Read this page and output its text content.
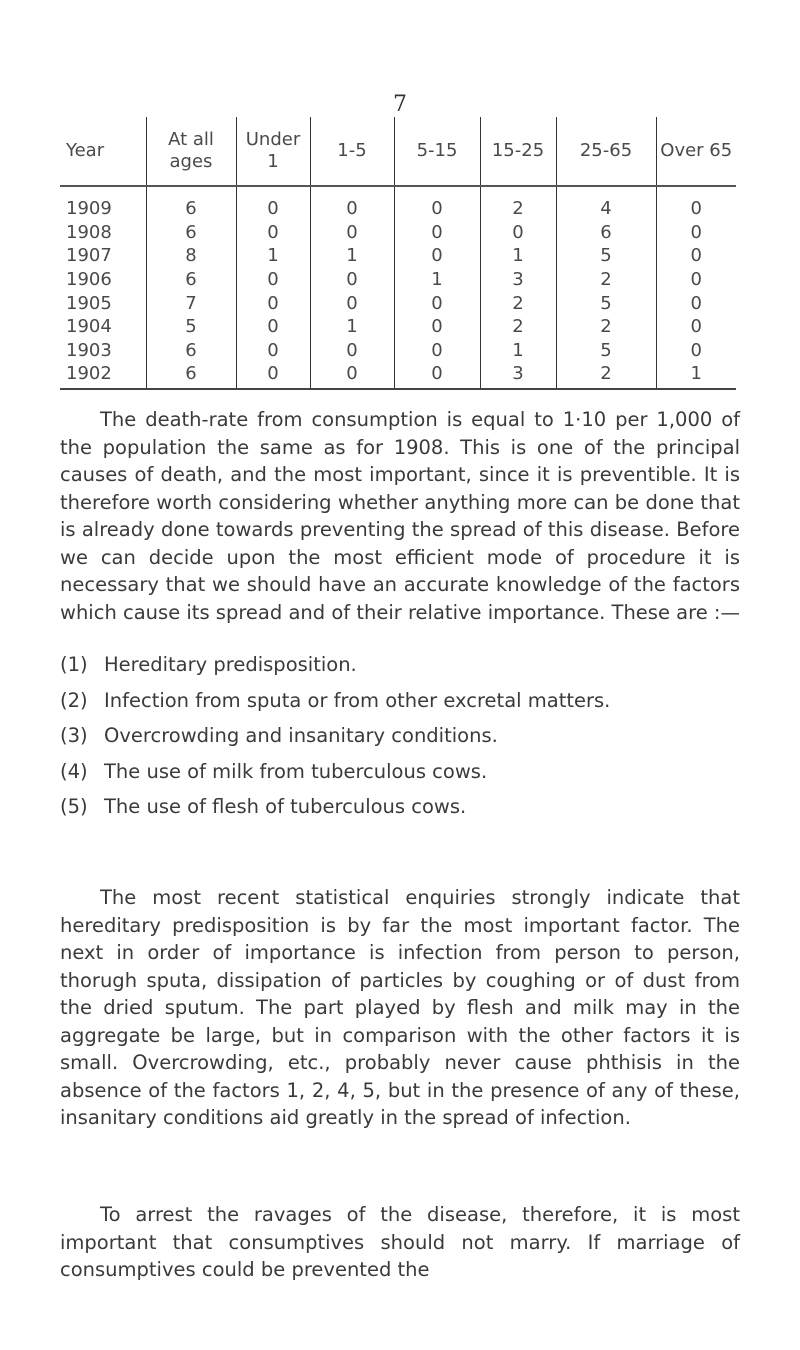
7
Year	At all ages	Under 1	1-5	5-15	15-25	25-65	Over 65
1909	6	0	0	0	2	4	0
1908	6	0	0	0	0	6	0
1907	8	1	1	0	1	5	0
1906	6	0	0	1	3	2	0
1905	7	0	0	0	2	5	0
1904	5	0	1	0	2	2	0
1903	6	0	0	0	1	5	0
1902	6	0	0	0	3	2	1
The death-rate from consumption is equal to 1·10 per 1,000 of the population the same as for 1908. This is one of the principal causes of death, and the most important, since it is preventible. It is therefore worth considering whether anything more can be done that is already done towards preventing the spread of this disease. Before we can decide upon the most efficient mode of procedure it is necessary that we should have an accurate knowledge of the factors which cause its spread and of their relative importance. These are :—
(1) Hereditary predisposition.
(2) Infection from sputa or from other excretal matters.
(3) Overcrowding and insanitary conditions.
(4) The use of milk from tuberculous cows.
(5) The use of flesh of tuberculous cows.
The most recent statistical enquiries strongly indicate that hereditary predisposition is by far the most important factor. The next in order of importance is infection from person to person, thorugh sputa, dissipation of particles by coughing or of dust from the dried sputum. The part played by flesh and milk may in the aggregate be large, but in comparison with the other factors it is small. Overcrowding, etc., probably never cause phthisis in the absence of the factors 1, 2, 4, 5, but in the presence of any of these, insanitary conditions aid greatly in the spread of infection.
To arrest the ravages of the disease, therefore, it is most important that consumptives should not marry. If marriage of consumptives could be prevented the
